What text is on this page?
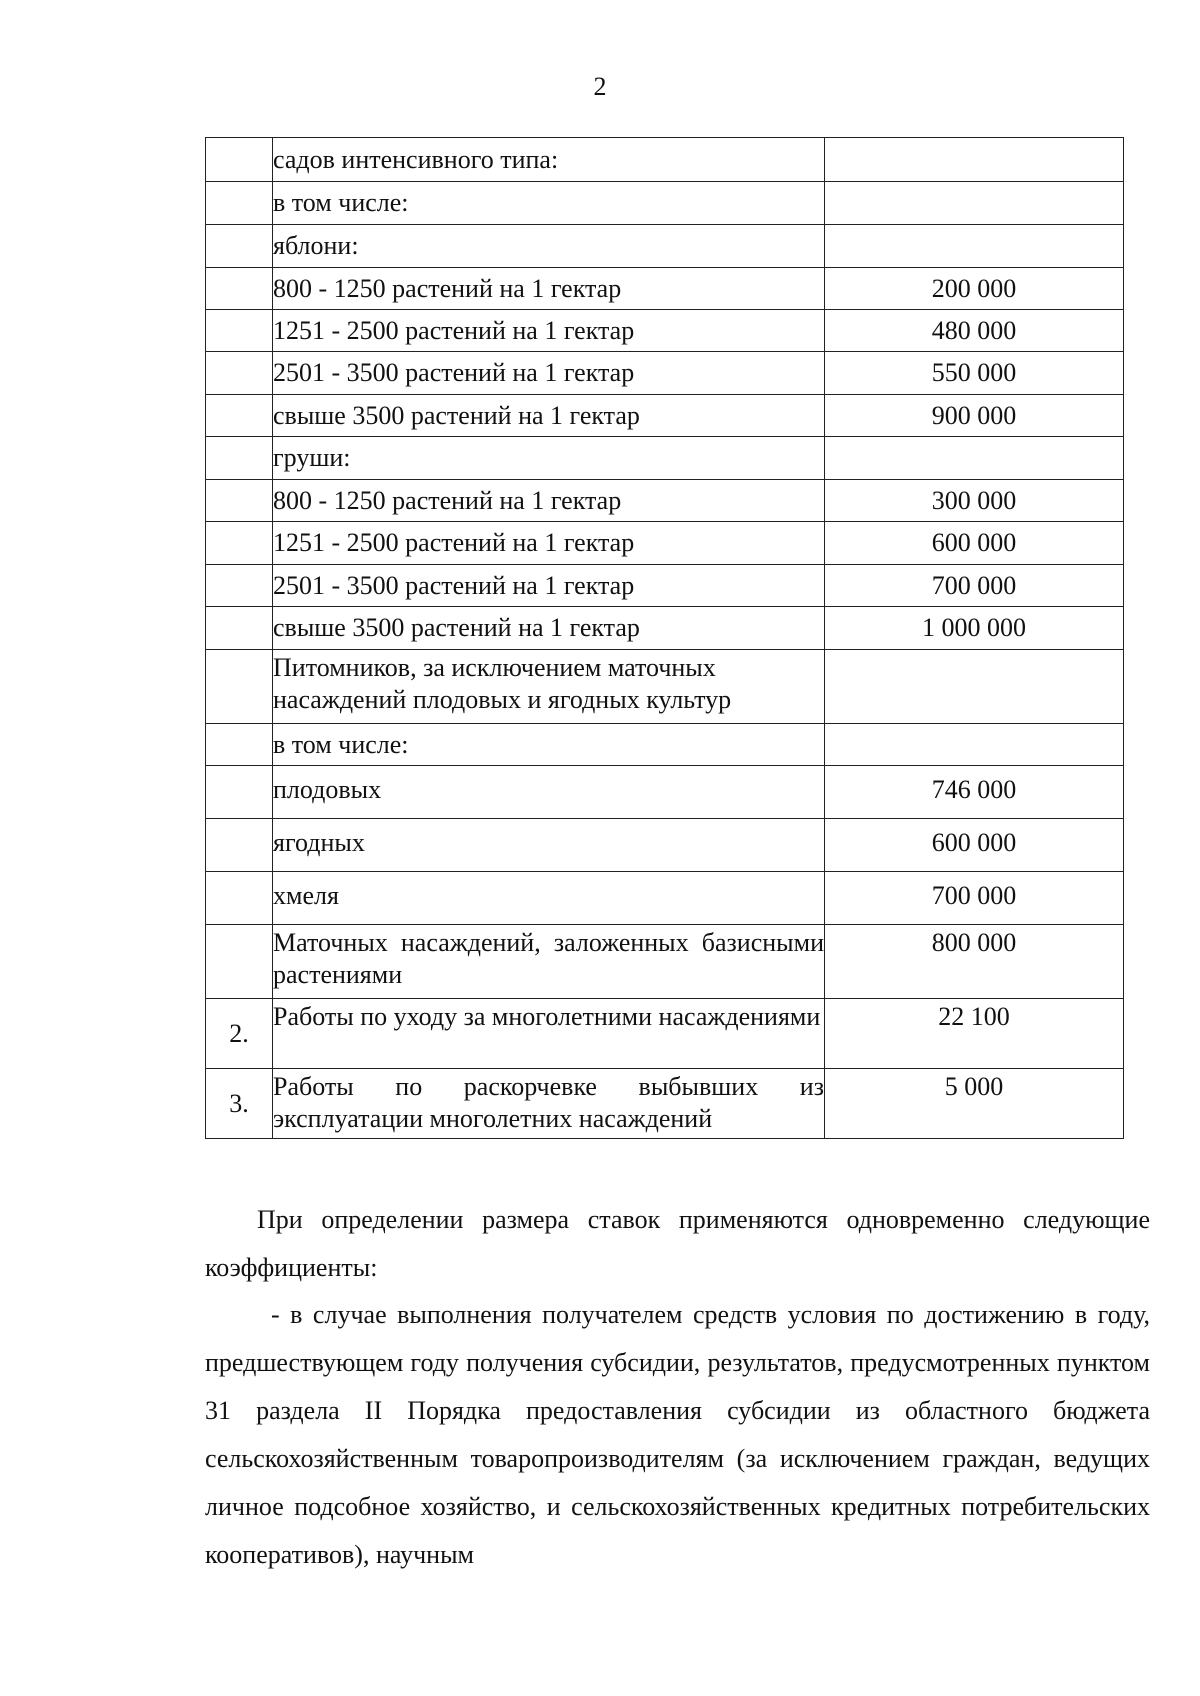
2
	садов интенсивного типа:	
	в том числе:	
	яблони:	
	800 - 1250 растений на 1 гектар	200 000
	1251 - 2500 растений на 1 гектар	480 000
	2501 - 3500 растений на 1 гектар	550 000
	свыше 3500 растений на 1 гектар	900 000
	груши:	
	800 - 1250 растений на 1 гектар	300 000
	1251 - 2500 растений на 1 гектар	600 000
	2501 - 3500 растений на 1 гектар	700 000
	свыше 3500 растений на 1 гектар	1 000 000
	Питомников, за исключением маточных насаждений плодовых и ягодных культур	
	в том числе:	
	плодовых	746 000
	ягодных	600 000
	хмеля	700 000
	Маточных насаждений, заложенных базисными растениями	800 000
2.	Работы по уходу за многолетними насаждениями	22 100
3.	Работы по раскорчевке выбывших из эксплуатации многолетних насаждений	5 000

При определении размера ставок применяются одновременно следующие коэффициенты:

- в случае выполнения получателем средств условия по достижению в году, предшествующем году получения субсидии, результатов, предусмотренных пунктом 31 раздела II Порядка предоставления субсидии из областного бюджета сельскохозяйственным товаропроизводителям (за исключением граждан, ведущих личное подсобное хозяйство, и сельскохозяйственных кредитных потребительских кооперативов), научным
